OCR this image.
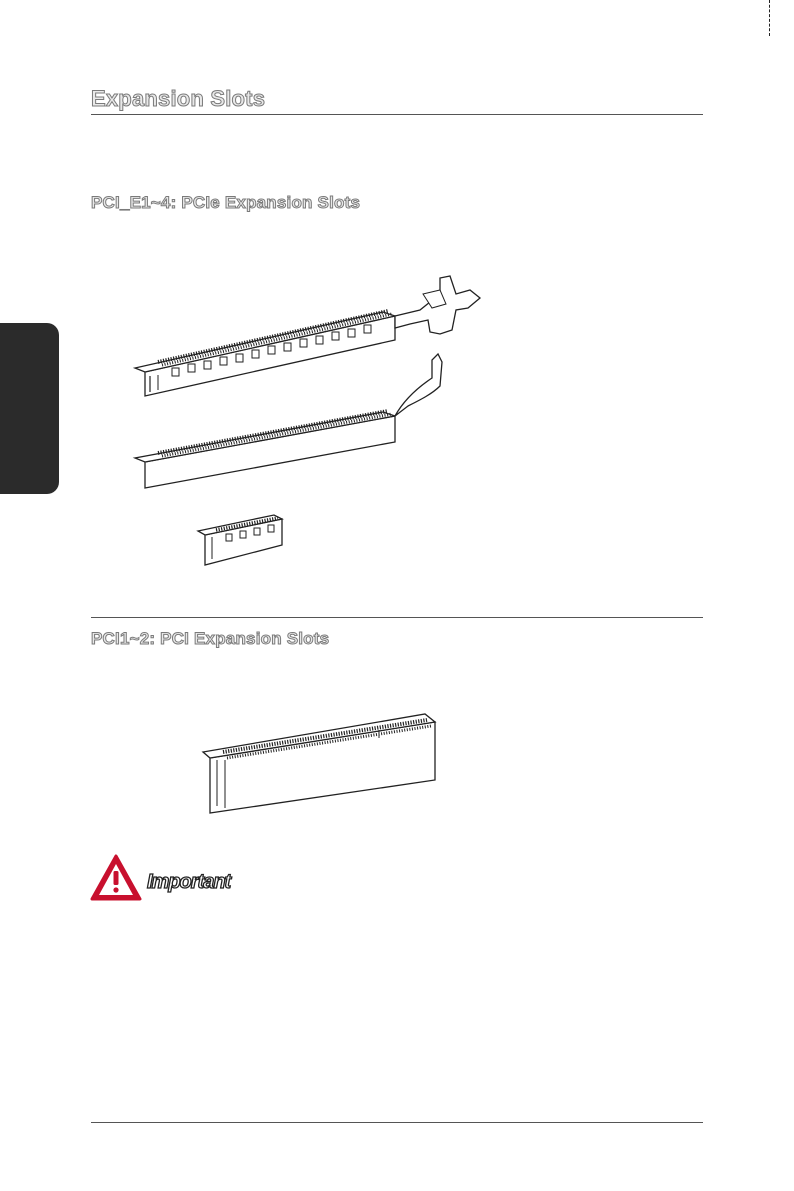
Expansion Slots
PCI_E1~4: PCIe Expansion Slots
PCI1~2: PCI Expansion Slots
Important
